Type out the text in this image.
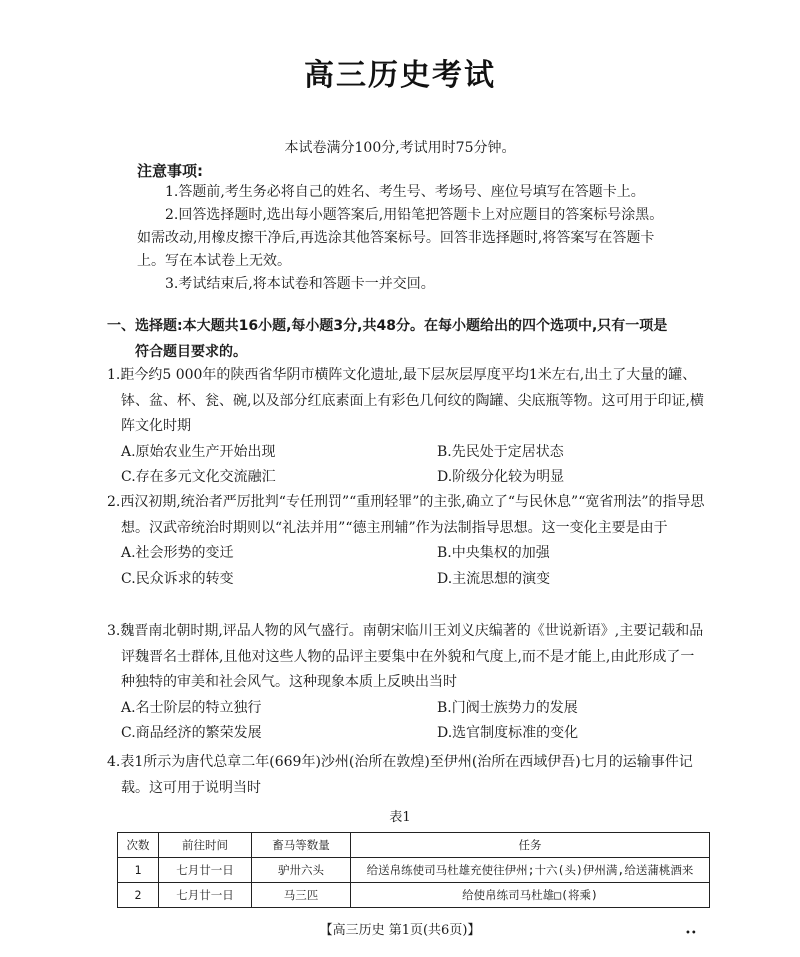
高三历史考试
本试卷满分100分,考试用时75分钟。
注意事项:

1.答题前,考生务必将自己的姓名、考生号、考场号、座位号填写在答题卡上。

2.回答选择题时,选出每小题答案后,用铅笔把答题卡上对应题目的答案标号涂黑。如需改动,用橡皮擦干净后,再选涂其他答案标号。回答非选择题时,将答案写在答题卡上。写在本试卷上无效。

3.考试结束后,将本试卷和答题卡一并交回。

一、选择题:本大题共16小题,每小题3分,共48分。在每小题给出的四个选项中,只有一项是
符合题目要求的。
1.距今约5 000年的陕西省华阴市横阵文化遗址,最下层灰层厚度平均1米左右,出土了大量的罐、钵、盆、杯、瓮、碗,以及部分红底素面上有彩色几何纹的陶罐、尖底瓶等物。这可用于印证,横阵文化时期
A.原始农业生产开始出现	B.先民处于定居状态
C.存在多元文化交流融汇	D.阶级分化较为明显
2.西汉初期,统治者严厉批判“专任刑罚”“重刑轻罪”的主张,确立了“与民休息”“宽省刑法”的指导思想。汉武帝统治时期则以“礼法并用”“德主刑辅”作为法制指导思想。这一变化主要是由于
A.社会形势的变迁	B.中央集权的加强
C.民众诉求的转变	D.主流思想的演变
3.魏晋南北朝时期,评品人物的风气盛行。南朝宋临川王刘义庆编著的《世说新语》,主要记载和品评魏晋名士群体,且他对这些人物的品评主要集中在外貌和气度上,而不是才能上,由此形成了一种独特的审美和社会风气。这种现象本质上反映出当时
A.名士阶层的特立独行	B.门阀士族势力的发展
C.商品经济的繁荣发展	D.选官制度标准的变化
4.表1所示为唐代总章二年(669年)沙州(治所在敦煌)至伊州(治所在西域伊吾)七月的运输事件记载。这可用于说明当时
表1
次数	前往时间	畜马等数量	任务
1	七月廿一日	驴卅六头	给送帛练使司马杜雄充使往伊州;十六(头)伊州满,给送蒲桃酒来
2	七月廿一日	马三匹	给使帛练司马杜雄□(将乘)
【高三历史 第1页(共6页)】	••
